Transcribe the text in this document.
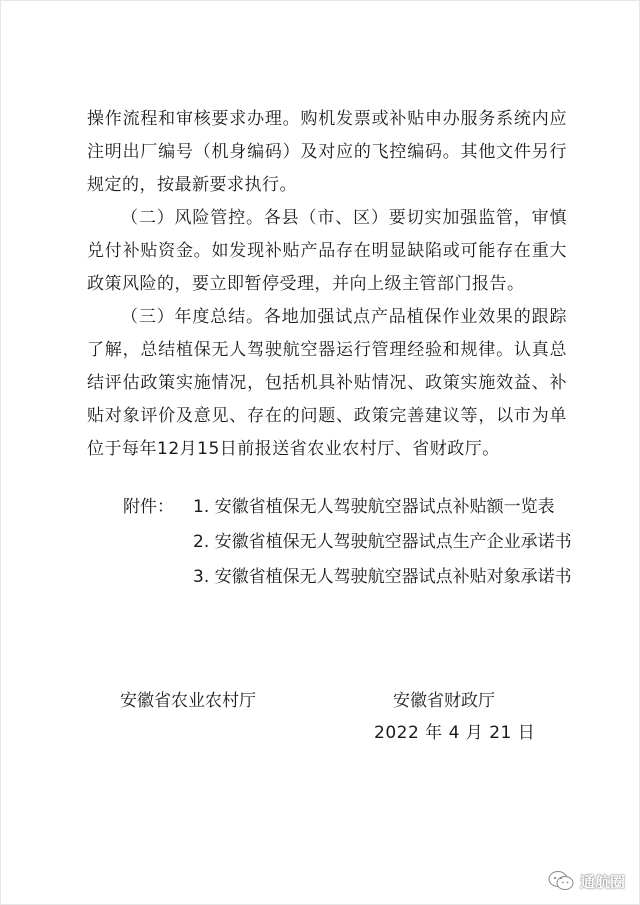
操作流程和审核要求办理。购机发票或补贴申办服务系统内应注明出厂编号（机身编码）及对应的飞控编码。其他文件另行规定的，按最新要求执行。

（二）风险管控。各县（市、区）要切实加强监管，审慎兑付补贴资金。如发现补贴产品存在明显缺陷或可能存在重大政策风险的，要立即暂停受理，并向上级主管部门报告。

（三）年度总结。各地加强试点产品植保作业效果的跟踪了解，总结植保无人驾驶航空器运行管理经验和规律。认真总结评估政策实施情况，包括机具补贴情况、政策实施效益、补贴对象评价及意见、存在的问题、政策完善建议等，以市为单位于每年12月15日前报送省农业农村厅、省财政厅。

附件：	1. 安徽省植保无人驾驶航空器试点补贴额一览表
2. 安徽省植保无人驾驶航空器试点生产企业承诺书
3. 安徽省植保无人驾驶航空器试点补贴对象承诺书
安徽省农业农村厅	安徽省财政厅
2022 年 4 月 21 日
通航圈
